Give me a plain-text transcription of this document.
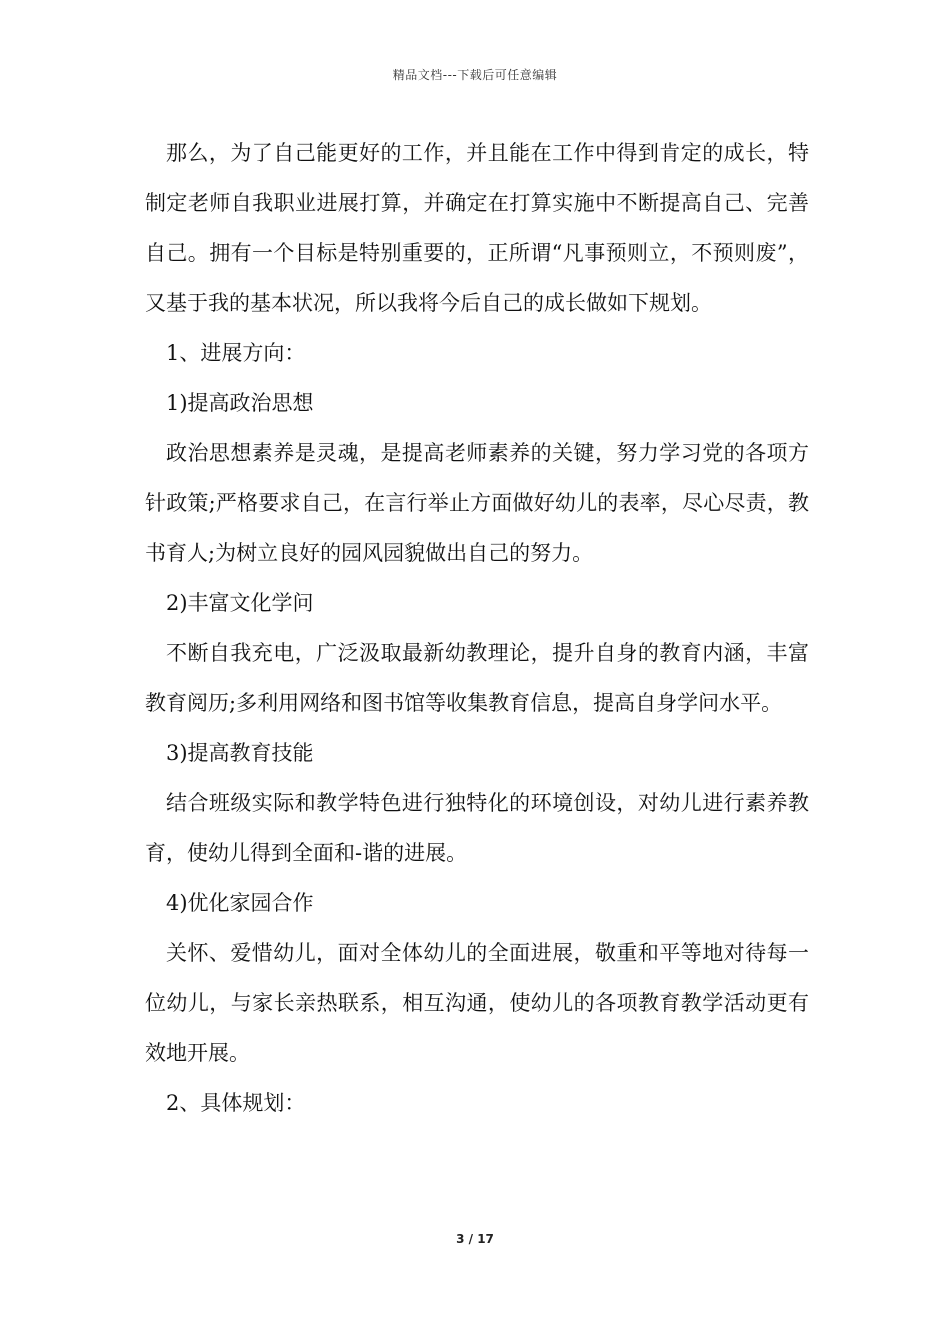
精品文档---下载后可任意编辑

那么，为了自己能更好的工作，并且能在工作中得到肯定的成长，特制定老师自我职业进展打算，并确定在打算实施中不断提高自己、完善自己。拥有一个目标是特别重要的，正所谓“凡事预则立，不预则废”，又基于我的基本状况，所以我将今后自己的成长做如下规划。

1、进展方向：

1)提高政治思想

政治思想素养是灵魂，是提高老师素养的关键，努力学习党的各项方针政策;严格要求自己，在言行举止方面做好幼儿的表率，尽心尽责，教书育人;为树立良好的园风园貌做出自己的努力。

2)丰富文化学问

不断自我充电，广泛汲取最新幼教理论，提升自身的教育内涵，丰富教育阅历;多利用网络和图书馆等收集教育信息，提高自身学问水平。

3)提高教育技能

结合班级实际和教学特色进行独特化的环境创设，对幼儿进行素养教育，使幼儿得到全面和-谐的进展。

4)优化家园合作

关怀、爱惜幼儿，面对全体幼儿的全面进展，敬重和平等地对待每一位幼儿，与家长亲热联系，相互沟通，使幼儿的各项教育教学活动更有效地开展。

2、具体规划：

3 / 17
